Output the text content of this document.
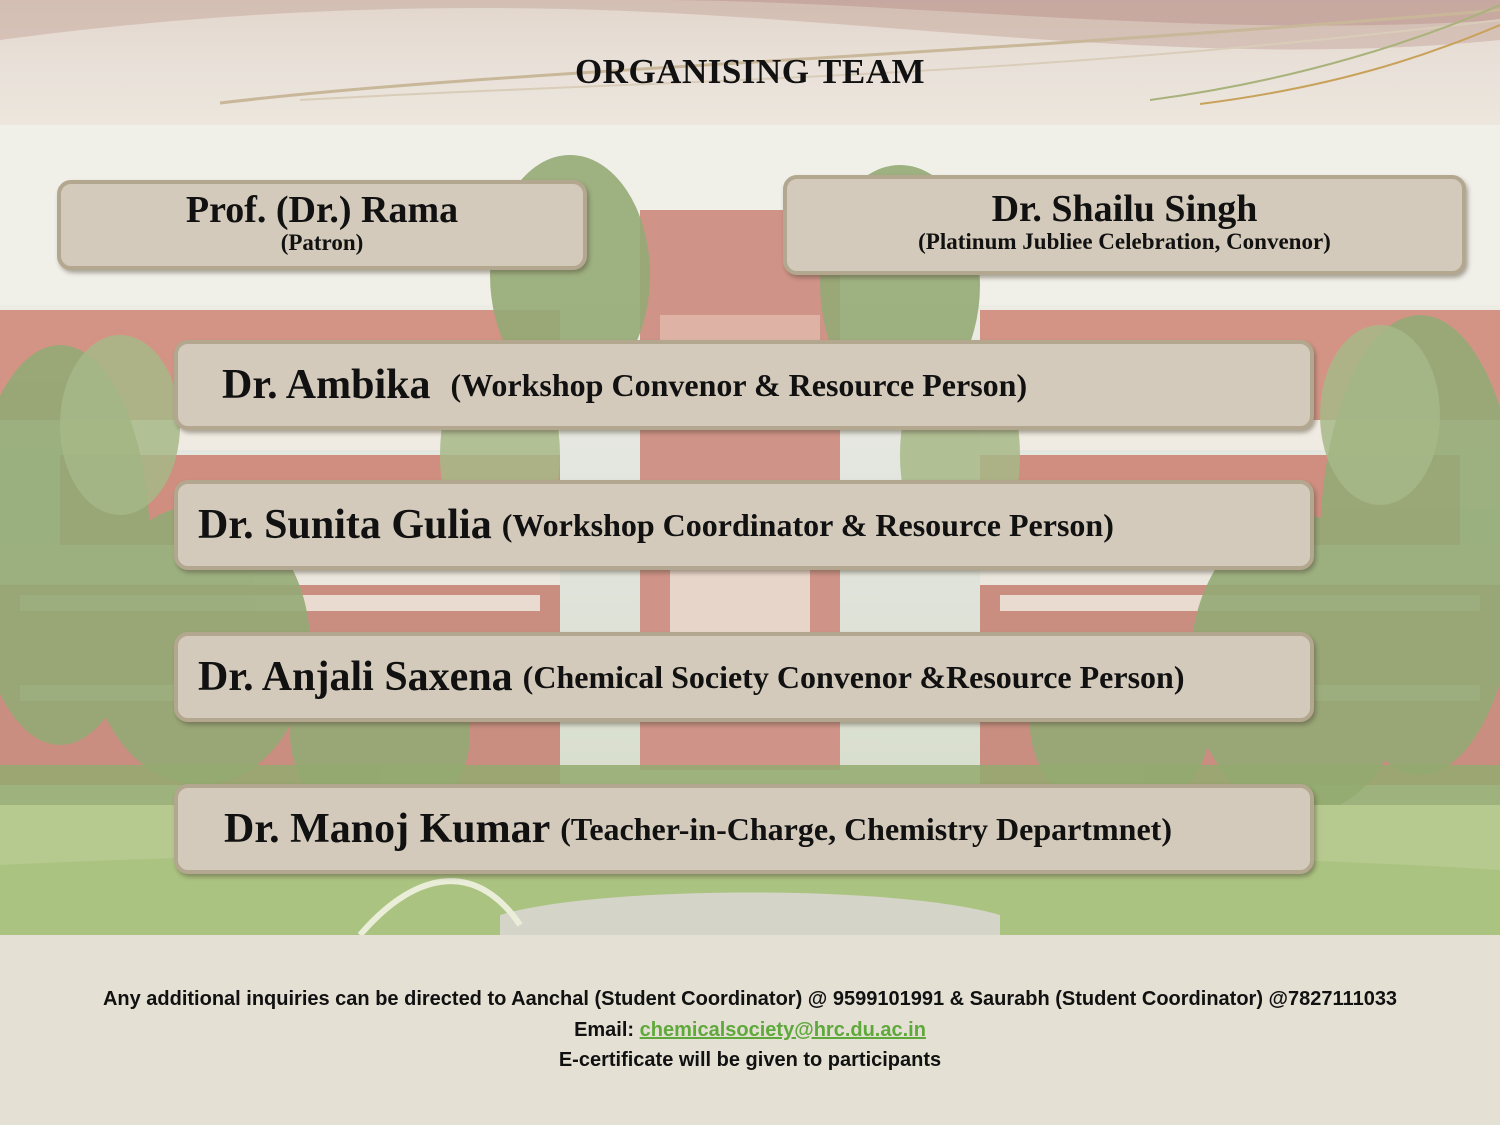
ORGANISING TEAM
Prof. (Dr.) Rama
(Patron)
Dr. Shailu Singh
(Platinum Jubliee Celebration, Convenor)
Dr. Ambika (Workshop Convenor & Resource Person)
Dr. Sunita Gulia (Workshop Coordinator & Resource Person)
Dr. Anjali Saxena (Chemical Society Convenor &Resource Person)
Dr. Manoj Kumar (Teacher-in-Charge, Chemistry Departmnet)
Any additional inquiries can be directed to Aanchal (Student Coordinator) @ 9599101991 & Saurabh (Student Coordinator) @7827111033
Email: chemicalsociety@hrc.du.ac.in
E-certificate will be given to participants
